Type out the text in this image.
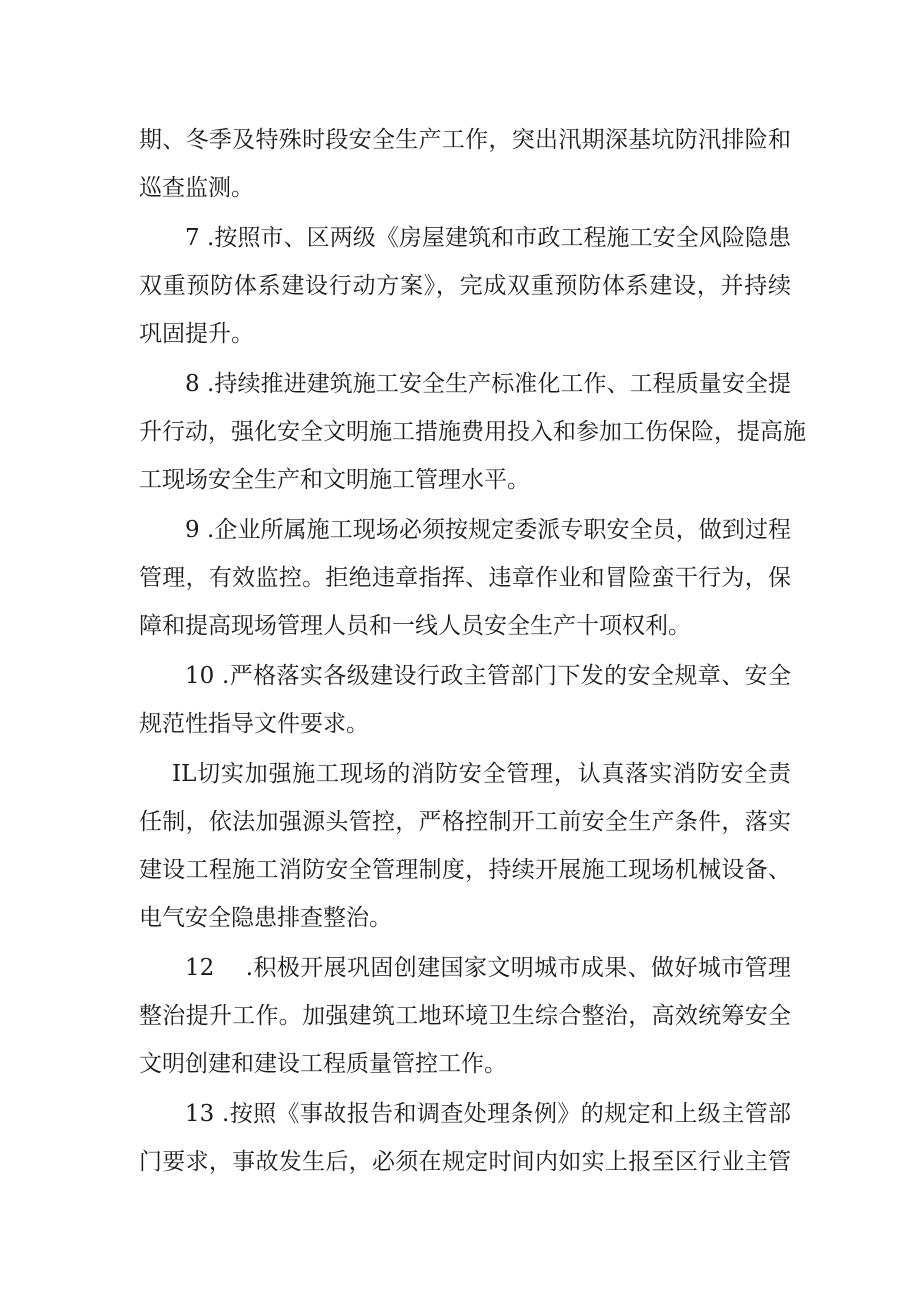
期、冬季及特殊时段安全生产工作，突出汛期深基坑防汛排险和
巡查监测。
7 .按照市、区两级《房屋建筑和市政工程施工安全风险隐患
双重预防体系建设行动方案》，完成双重预防体系建设，并持续
巩固提升。
8 .持续推进建筑施工安全生产标准化工作、工程质量安全提
升行动，强化安全文明施工措施费用投入和参加工伤保险，提高施
工现场安全生产和文明施工管理水平。
9 .企业所属施工现场必须按规定委派专职安全员，做到过程
管理，有效监控。拒绝违章指挥、违章作业和冒险蛮干行为，保
障和提高现场管理人员和一线人员安全生产十项权利。
10 .严格落实各级建设行政主管部门下发的安全规章、安全
规范性指导文件要求。
IL切实加强施工现场的消防安全管理，认真落实消防安全责
任制，依法加强源头管控，严格控制开工前安全生产条件，落实
建设工程施工消防安全管理制度，持续开展施工现场机械设备、
电气安全隐患排查整治。
12　 .积极开展巩固创建国家文明城市成果、做好城市管理
整治提升工作。加强建筑工地环境卫生综合整治，高效统筹安全
文明创建和建设工程质量管控工作。
13 .按照《事故报告和调查处理条例》的规定和上级主管部
门要求，事故发生后，必须在规定时间内如实上报至区行业主管
